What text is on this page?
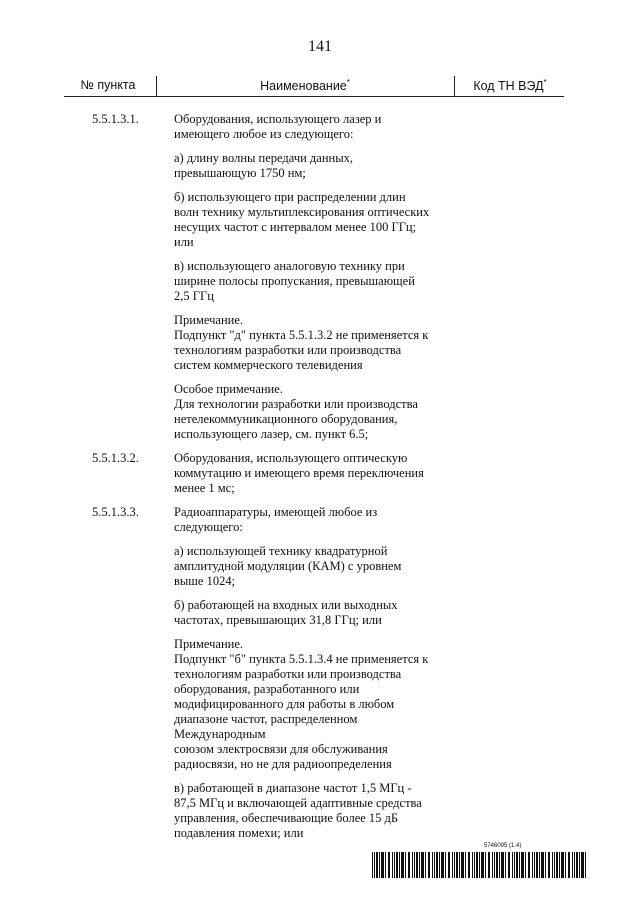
141
№ пункта	Наименование*	Код ТН ВЭД*
5.5.1.3.1.	Оборудования, использующего лазер и
имеющего любое из следующего:

а) длину волны передачи данных,
превышающую 1750 нм;

б) использующего при распределении длин
волн технику мультиплексирования оптических
несущих частот с интервалом менее 100 ГГц;
или

в) использующего аналоговую технику при
ширине полосы пропускания, превышающей
2,5 ГГц

Примечание.
Подпункт "д" пункта 5.5.1.3.2 не применяется к
технологиям разработки или производства
систем коммерческого телевидения

Особое примечание.
Для технологии разработки или производства
нетелекоммуникационного оборудования,
использующего лазер, см. пункт 6.5;

5.5.1.3.2.	Оборудования, использующего оптическую
коммутацию и имеющего время переключения
менее 1 мс;

5.5.1.3.3.	Радиоаппаратуры, имеющей любое из
следующего:

а) использующей технику квадратурной
амплитудной модуляции (КАМ) с уровнем
выше 1024;

б) работающей на входных или выходных
частотах, превышающих 31,8 ГГц; или

Примечание.
Подпункт "б" пункта 5.5.1.3.4 не применяется к
технологиям разработки или производства
оборудования, разработанного или
модифицированного для работы в любом
диапазоне частот, распределенном
Международным
союзом электросвязи для обслуживания
радиосвязи, но не для радиоопределения

в) работающей в диапазоне частот 1,5 МГц -
87,5 МГц и включающей адаптивные средства
управления, обеспечивающие более 15 дБ
подавления помехи; или

5746095 (1.4)
